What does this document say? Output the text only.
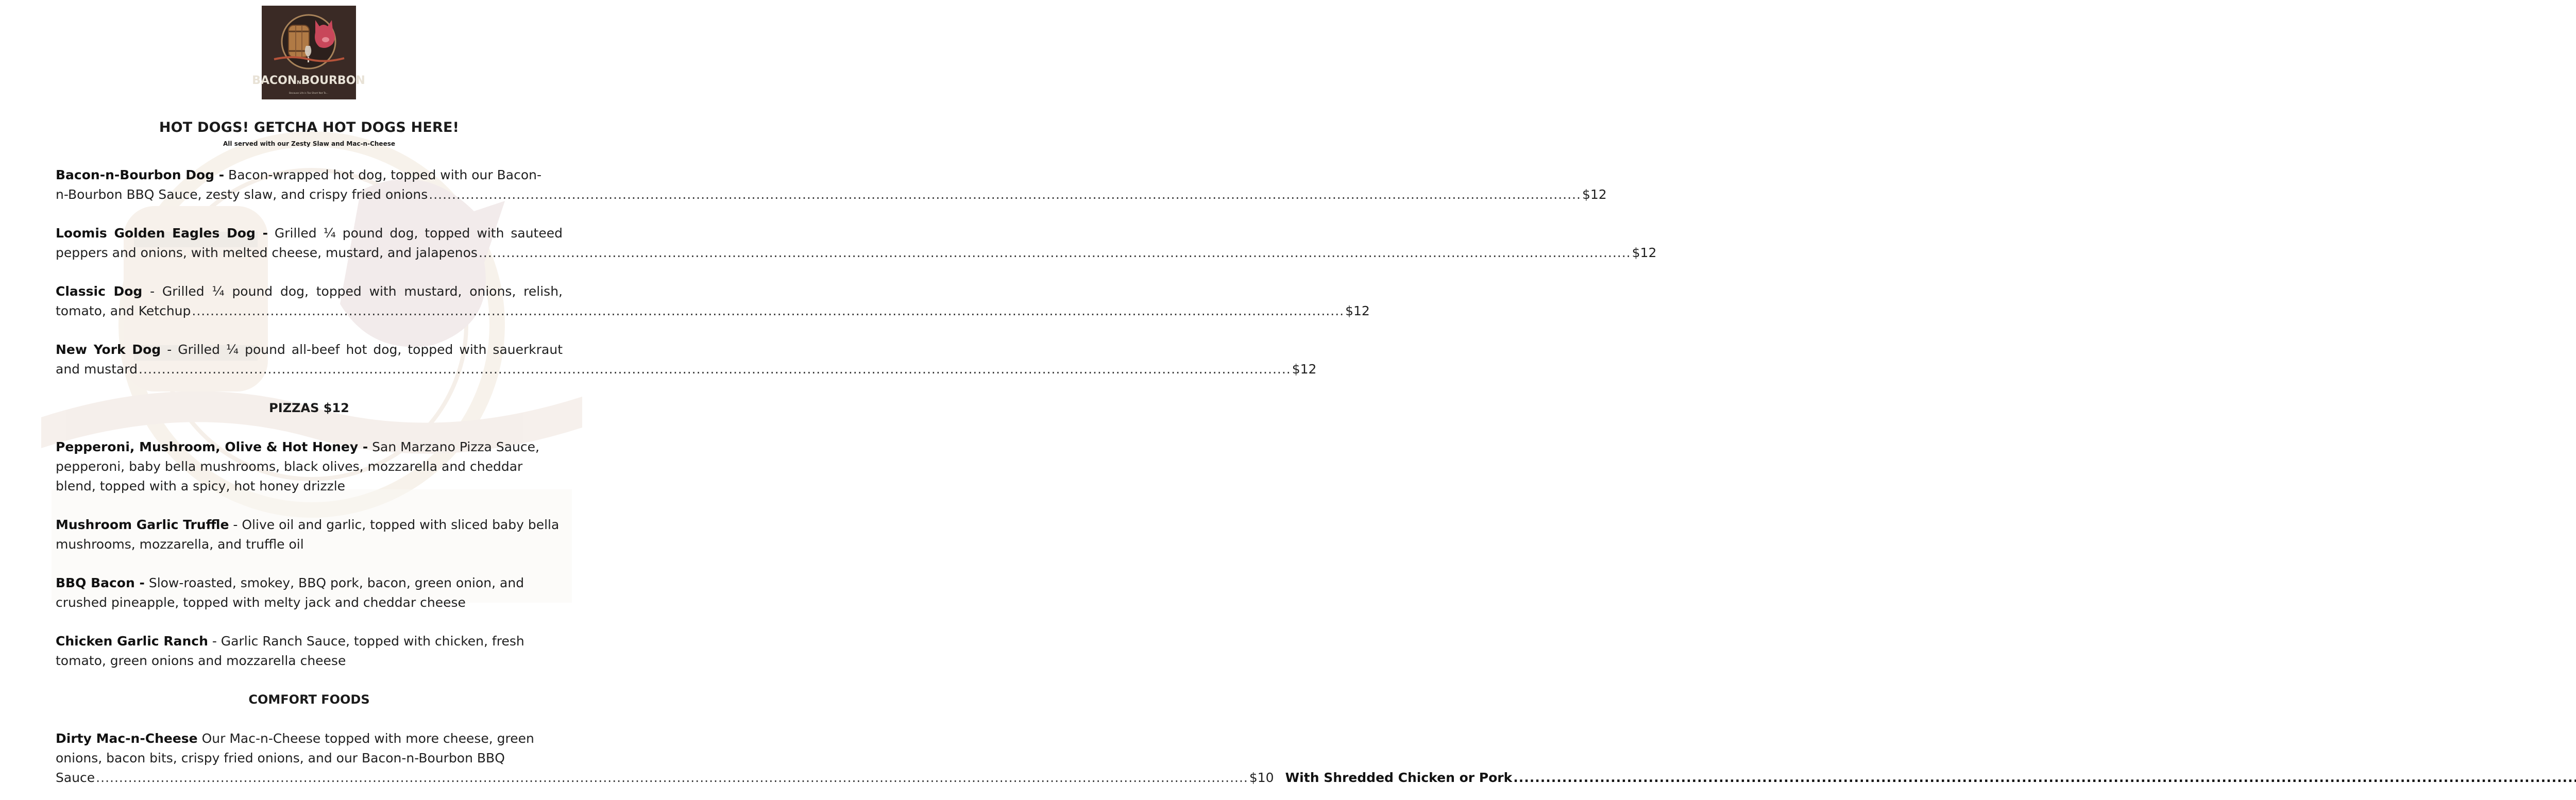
BACONNBOURBON
Because Life is Too Short Not To...
HOT DOGS! GETCHA HOT DOGS HERE!
All served with our Zesty Slaw and Mac-n-Cheese
Bacon-n-Bourbon Dog - Bacon-wrapped hot dog, topped with our Bacon-
n-Bourbon BBQ Sauce, zesty slaw, and crispy fried onions .....	$12
Loomis Golden Eagles Dog - Grilled ¼ pound dog, topped with sauteed
peppers and onions, with melted cheese, mustard, and jalapenos .....	$12
Classic Dog - Grilled ¼ pound dog, topped with mustard, onions, relish,
tomato, and Ketchup .....	$12
New York Dog - Grilled ¼ pound all-beef hot dog, topped with sauerkraut
and mustard .....	$12
PIZZAS $12
Pepperoni, Mushroom, Olive & Hot Honey - San Marzano Pizza Sauce, pepperoni, baby bella mushrooms, black olives, mozzarella and cheddar blend, topped with a spicy, hot honey drizzle
Mushroom Garlic Truffle - Olive oil and garlic, topped with sliced baby bella mushrooms, mozzarella, and truffle oil
BBQ Bacon - Slow-roasted, smokey, BBQ pork, bacon, green onion, and crushed pineapple, topped with melty jack and cheddar cheese
Chicken Garlic Ranch - Garlic Ranch Sauce, topped with chicken, fresh tomato, green onions and mozzarella cheese
COMFORT FOODS
Dirty Mac-n-Cheese Our Mac-n-Cheese topped with more cheese, green onions, bacon bits, crispy fried onions, and our Bacon-n-Bourbon BBQ
Sauce .....	$10 With Shredded Chicken or Pork
.....
